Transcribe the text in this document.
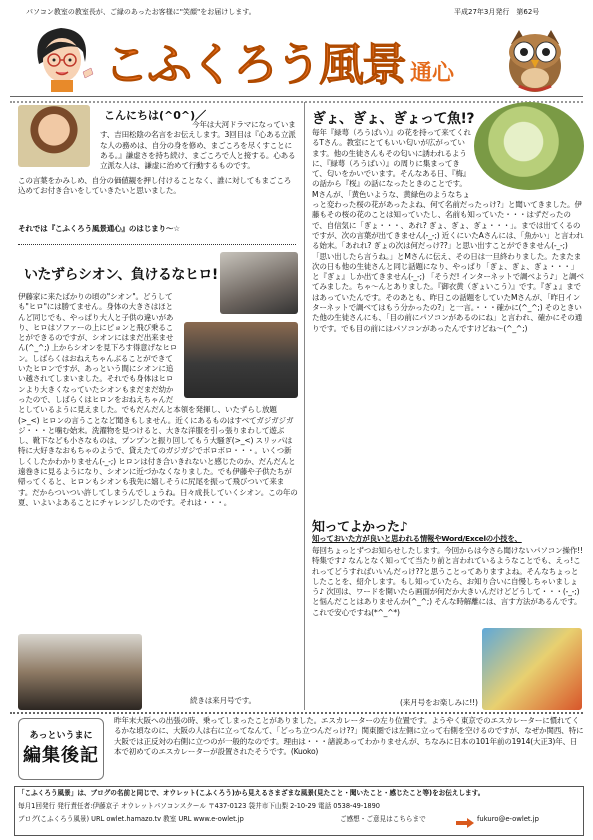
パソコン教室の教室長が、ご縁のあったお客様に"笑顔"をお届けします。	平成27年3月発行　第62号
こふくろう風景 通心
こんにちは(^0^)／
今年は大河ドラマになっています、吉田松陰の名言をお伝えします。3回目は『心ある立派な人の務めは、自分の身を修め、まごころを尽くすことにある。』謙虚さを持ち続け、まごころで人と接する。心ある立派な人は、謙虚に治めて行動するものです。
この言葉をかみしめ、自分の価値観を押し付けることなく、誰に対してもまごころ込めてお付き合いをしていきたいと思いました。
それでは『こふくろう風景通心』のはじまり～☆
いたずらシオン、負けるなヒロ!
伊藤家に来たばかりの頃の"シオン"。どうしても"ヒロ"には勝てません。身体の大きさはほとんど同じでも、やっぱり大人と子供の違いがあり、ヒロはソファーの上にピョンと飛び乗ることができるのですが、シオンにはまだ出来ません(^_^;) 上からシオンを見下ろす得意げなヒロン。しばらくはおねえちゃんぶることができていたヒロンですが、あっという間にシオンに追い越されてしまいました。それでも身体はヒロンより大きくなっていたシオンもまだまだ幼かったので、しばらくはヒロンをおねえちゃんだとしているように見えました。でもだんだんと本領を発揮し、いたずらし放題(>_<) ヒロンの言うことなど聞きもしません。近くにあるものはすべてガジガジガジ・・・と噛む始末。洗濯物を見つけると、大きな洋服を引っ張りまわして遊ぶし、靴下なども小さなものは、プンプンと振り回してもう大騒ぎ(>_<) スリッパは特に大好きなおもちゃのようで、貸えたてのガジガジでボロボロ・・・。いくつ新しくしたかわかりません(-_-;) ヒロンは付き合いきれないと感じたのか、だんだんと遠巻きに見るようになり、シオンに近づかなくなりました。でも伊藤や子供たちが帰ってくると、ヒロンもシオンも我先に嬉しそうに尻尾を振って飛びついて来ます。だからついつい許してしまうんでしょうね。日々成長していくシオン。この年の夏、いよいよあることにチャレンジしたのです。それは・・・。
続きは来月号です。
ぎょ、ぎょ、ぎょって魚!?
毎年『緑萼（ろうばい）』の花を持って来てくれるTさん。教室にとてもいい匂いが広がっています。他の生徒さんもその匂いに誘われるように、『緑萼（ろうばい）』の周りに集まってきて、匂いをかいでいます。そんなある日、『梅』の話から『桜』の話になったときのことです。Mさんが、「黄色いような、黄緑色のようなちょっと変わった桜の花があったよね、何て名前だったっけ?」と聞いてきました。伊藤もその桜の花のことは知っていたし、名前も知っていた・・・はずだったので、自信気に「ぎょ・・・、あれ? ぎょ、ぎょ、ぎょ・・・」。までは出てくるのですが、次の言葉が出てきません(-_-;) 近くにいたAさんには、「魚かい」と言われる始末。「あれれ? ぎょの次は何だっけ??」と思い出すことができません(-_-;) 「思い出したら言うね。」とMさんに伝え、その日は一旦終わりました。たまたま次の日も他の生徒さんと同じ話題になり、やっぱり「ぎょ、ぎょ、ぎょ・・・」と『ぎょ』しか出てきません(-_-;) 「そうだ! インターネットで調べよう♪」と調べてみました。ちゃ～んとありました。『御衣黄（ぎょいこう）』です。『ぎょ』まではあっていたんです。そのあとも、昨日この話題をしていたMさんが、「昨日インターネットで調べてはもう分かったの?」と一言。・・・確かに(^_^;) そのときいた他の生徒さんにも、「目の前にパソコンがあるのにね」と言われ、確かにその通りです。でも目の前にはパソコンがあったんですけどね～(^_^;)
知ってよかった♪
知っておいた方が良いと思われる情報やWord/Excelの小技を、
毎回ちょっとずつお知らせしたします。今回からは今さら聞けないパソコン操作!! 特集です♪ なんとなく知ってて当たり前と言われているようなことでも、えっ!これってどうすればいいんだっけ??と思うことってありますよね。そんなちょっとしたことを、紹介します。もし知っていたら、お知り合いに自慢しちゃいましょう♪ 次回は、ワードを開いたら画面が何だか大きいんだけどどうして・・・(-_-;) と悩んだことはありませんか(^_^;) そんな時解離には、言す方法があるんです。これで安心ですね(*^_^*)
(来月号をお楽しみに!!)
あっというまに
編集後記
昨年末大阪への出張の時、乗ってしまったことがありました。エスカレーターの左り位置です。ようやく東京でのエスカレーターに慣れてくるかな頃なのに、大阪の人は右に立ってなんて、「どっち立つんだっけ??」関東圏では左側に立って右側を空けるのですが、なぜか関西、特に大阪では正反対の右側に立つのが一般的なのです。理由は・・・諸説あってわかりませんが、ちなみに日本の101年前の1914(大正3)年、日本で初めてのエスカレーターが設置されたそうです。(Kuoko)
「こふくろう風景」は、ブログの名前と同じで、オウレット(こふくろう)から見えるさまざまな風景(見たこと・聞いたこと・感じたこと等)をお伝えします。
毎月1回発行 発行責任者:伊藤京子 オウレットパソコンスクール 〒437-0123 袋井市下山梨 2-10-29 電話 0538-49-1890
ブログ(こふくろう風景) URL owlet.hamazo.tv 教室 URL www.e-owlet.jp	ご感想・ご意見はこちらまで	fukuro@e-owlet.jp
